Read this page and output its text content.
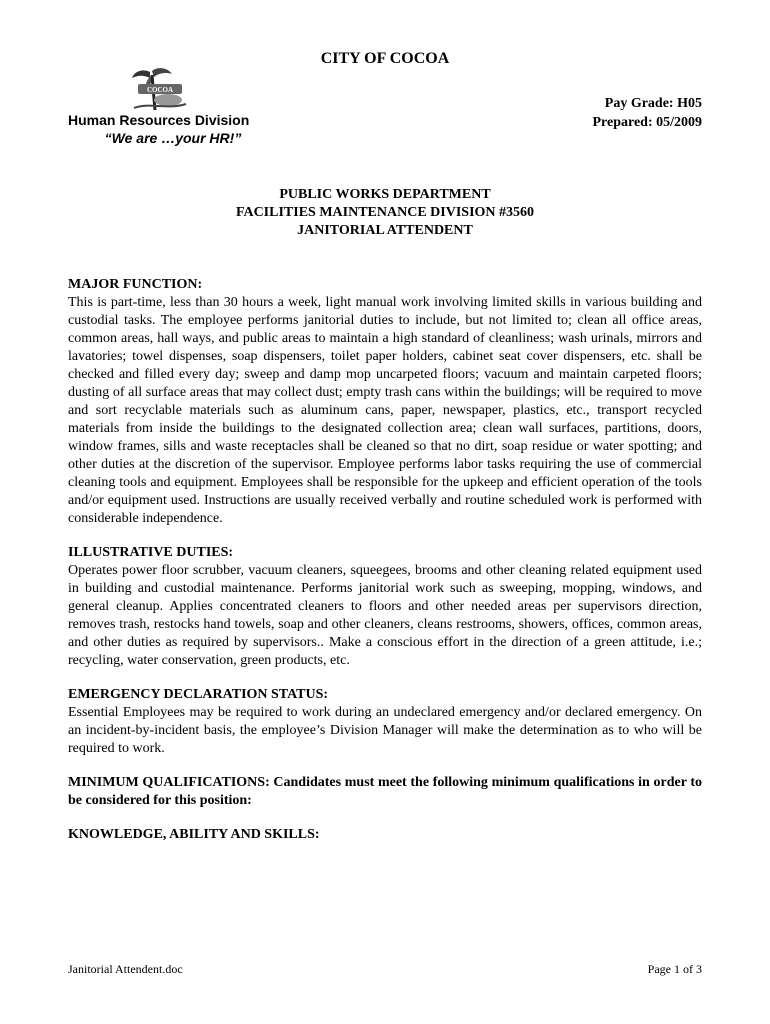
CITY OF COCOA
COCOA
Human Resources Division
“We are …your HR!”
Pay Grade: H05
Prepared: 05/2009
PUBLIC WORKS DEPARTMENT
FACILITIES MAINTENANCE DIVISION #3560
JANITORIAL ATTENDENT
MAJOR FUNCTION:
This is part-time, less than 30 hours a week, light manual work involving limited skills in various building and custodial tasks. The employee performs janitorial duties to include, but not limited to; clean all office areas, common areas, hall ways, and public areas to maintain a high standard of cleanliness; wash urinals, mirrors and lavatories; towel dispenses, soap dispensers, toilet paper holders, cabinet seat cover dispensers, etc. shall be checked and filled every day; sweep and damp mop uncarpeted floors; vacuum and maintain carpeted floors; dusting of all surface areas that may collect dust; empty trash cans within the buildings; will be required to move and sort recyclable materials such as aluminum cans, paper, newspaper, plastics, etc., transport recycled materials from inside the buildings to the designated collection area; clean wall surfaces, partitions, doors, window frames, sills and waste receptacles shall be cleaned so that no dirt, soap residue or water spotting; and other duties at the discretion of the supervisor. Employee performs labor tasks requiring the use of commercial cleaning tools and equipment. Employees shall be responsible for the upkeep and efficient operation of the tools and/or equipment used. Instructions are usually received verbally and routine scheduled work is performed with considerable independence.
ILLUSTRATIVE DUTIES:
Operates power floor scrubber, vacuum cleaners, squeegees, brooms and other cleaning related equipment used in building and custodial maintenance. Performs janitorial work such as sweeping, mopping, windows, and general cleanup. Applies concentrated cleaners to floors and other needed areas per supervisors direction, removes trash, restocks hand towels, soap and other cleaners, cleans restrooms, showers, offices, common areas, and other duties as required by supervisors.. Make a conscious effort in the direction of a green attitude, i.e.; recycling, water conservation, green products, etc.
EMERGENCY DECLARATION STATUS:
Essential Employees may be required to work during an undeclared emergency and/or declared emergency. On an incident-by-incident basis, the employee’s Division Manager will make the determination as to who will be required to work.
MINIMUM QUALIFICATIONS: Candidates must meet the following minimum qualifications in order to be considered for this position:
KNOWLEDGE, ABILITY AND SKILLS:
Janitorial Attendent.doc	Page 1 of 3
